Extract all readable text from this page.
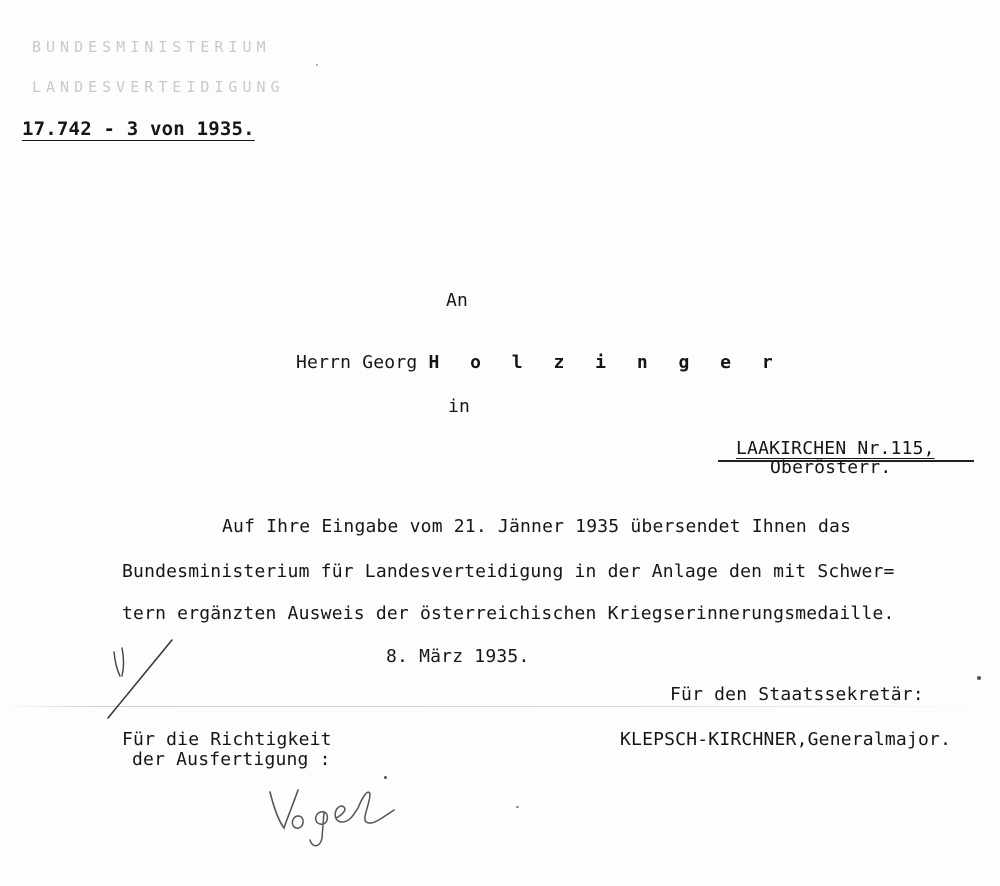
BUNDESMINISTERIUM
LANDESVERTEIDIGUNG
17.742 - 3 von 1935.
An
Herrn Georg H o l z i n g e r
in
LAAKIRCHEN Nr.115,
Oberösterr.
Auf Ihre Eingabe vom 21. Jänner 1935 übersendet Ihnen das
Bundesministerium für Landesverteidigung in der Anlage den mit Schwer=
tern ergänzten Ausweis der österreichischen Kriegserinnerungsmedaille.
8. März 1935.
Für den Staatssekretär:
Für die Richtigkeit
der Ausfertigung :
KLEPSCH-KIRCHNER,Generalmajor.
